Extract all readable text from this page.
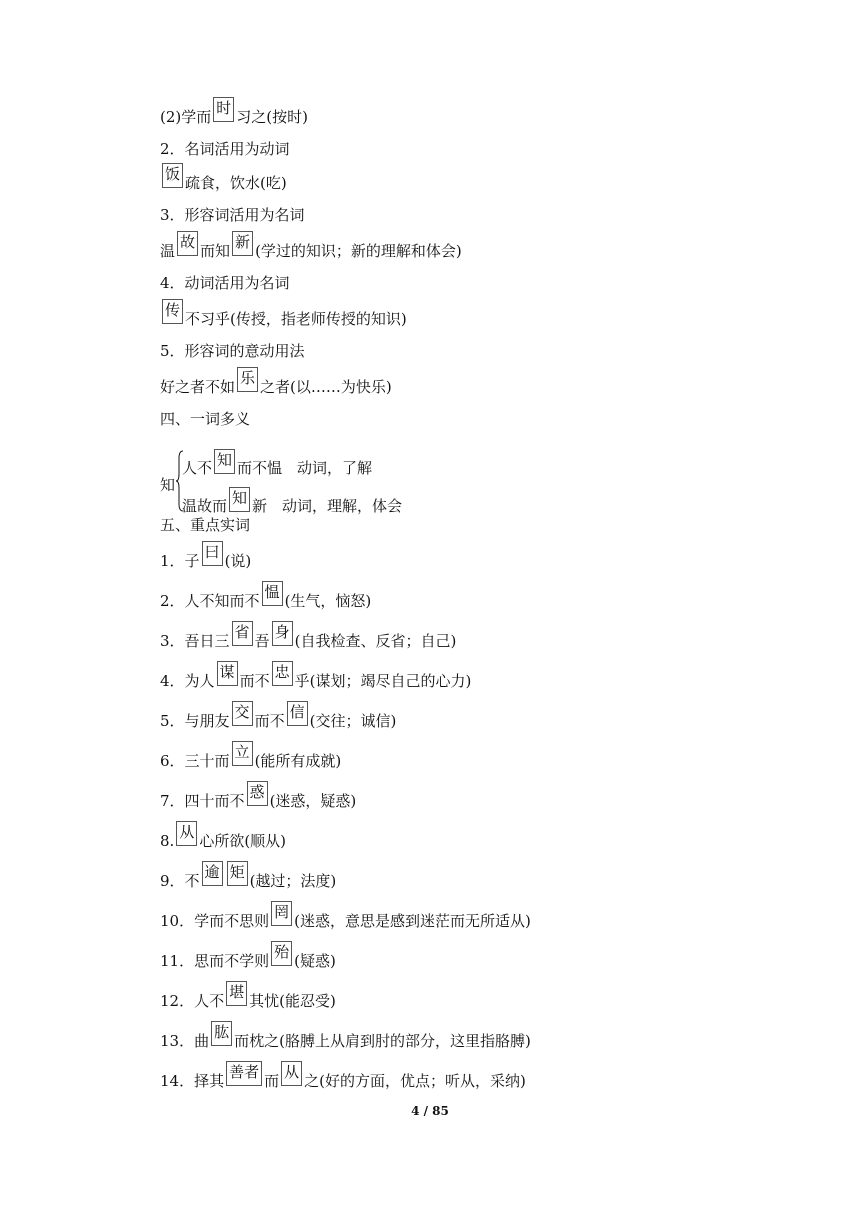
(2)学而 时 习之(按时)
2．名词活用为动词
饭 疏食，饮水(吃)
3．形容词活用为名词
温 故 而知 新 (学过的知识；新的理解和体会)
4．动词活用为名词
传 不习乎(传授，指老师传授的知识)
5．形容词的意动用法
好之者不如 乐 之者(以……为快乐)
四、一词多义
五、重点实词
1．子 曰 (说)
2．人不知而不 愠 (生气，恼怒)
3．吾日三 省 吾 身 (自我检查、反省；自己)
4．为人 谋 而不 忠 乎(谋划；竭尽自己的心力)
5．与朋友 交 而不 信 (交往；诚信)
6．三十而 立 (能所有成就)
7．四十而不 惑 (迷惑，疑惑)
8. 从 心所欲(顺从)
9．不 逾 矩 (越过；法度)
10．学而不思则 罔 (迷惑，意思是感到迷茫而无所适从)
11．思而不学则 殆 (疑惑)
12．人不 堪 其忧(能忍受)
13．曲 肱 而枕之(胳膊上从肩到肘的部分，这里指胳膊)
14．择其 善者 而 从 之(好的方面，优点；听从，采纳)
知
人不 知 而不愠　动词，了解
温故而 知 新　动词，理解，体会
4 / 85
